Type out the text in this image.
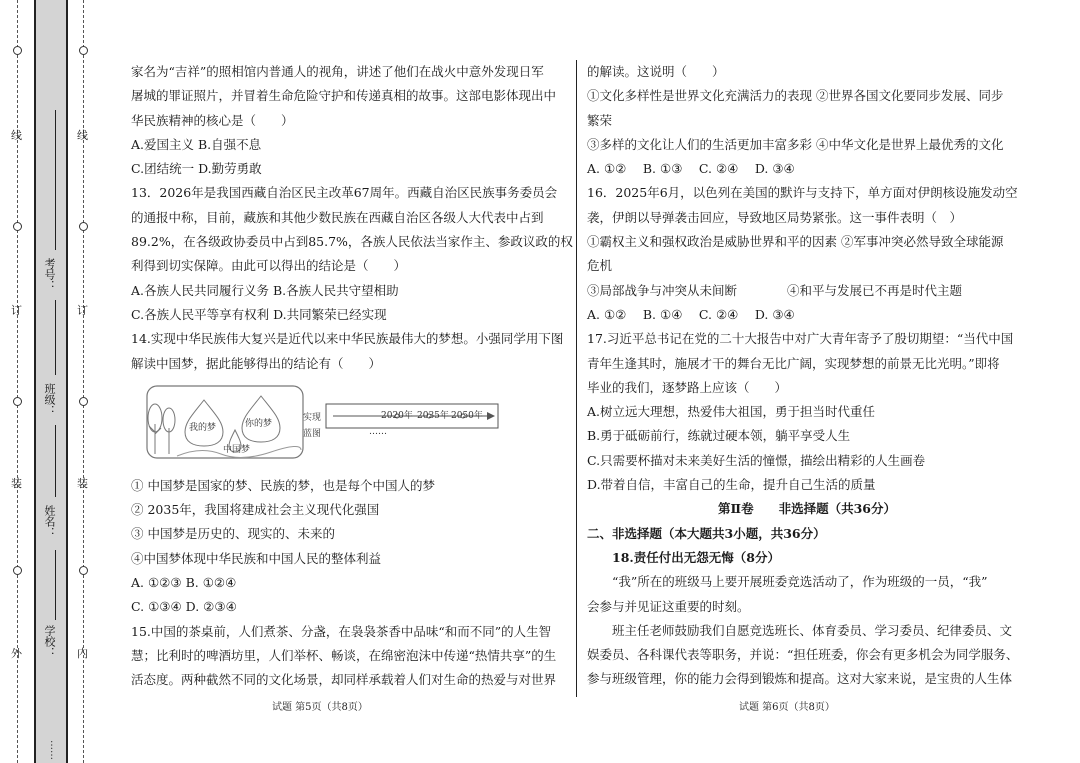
外
装
订
线
内
装
订
线
学校：
姓名：
班级：
考号：
……

家名为“吉祥”的照相馆内普通人的视角，讲述了他们在战火中意外发现日军

屠城的罪证照片，并冒着生命危险守护和传递真相的故事。这部电影体现出中

华民族精神的核心是（　　）

A.爱国主义 B.自强不息

C.团结统一 D.勤劳勇敢

13．2026年是我国西藏自治区民主改革67周年。西藏自治区民族事务委员会

的通报中称，目前，藏族和其他少数民族在西藏自治区各级人大代表中占到

89.2%，在各级政协委员中占到85.7%，各族人民依法当家作主、参政议政的权

利得到切实保障。由此可以得出的结论是（　　）

A.各族人民共同履行义务 B.各族人民共守望相助

C.各族人民平等享有权利 D.共同繁荣已经实现

14.实现中华民族伟大复兴是近代以来中华民族最伟大的梦想。小强同学用下图

解读中国梦，据此能够得出的结论有（　　）

我的梦	你的梦
中国梦
实现
蓝图
2020年 2035年 2050年
……

① 中国梦是国家的梦、民族的梦，也是每个中国人的梦

② 2035年，我国将建成社会主义现代化强国

③ 中国梦是历史的、现实的、未来的

④中国梦体现中华民族和中国人民的整体利益

A. ①②③ B. ①②④

C. ①③④ D. ②③④

15.中国的茶桌前，人们煮茶、分盏，在袅袅茶香中品味“和而不同”的人生智

慧；比利时的啤酒坊里，人们举杯、畅谈，在绵密泡沫中传递“热情共享”的生

活态度。两种截然不同的文化场景，却同样承载着人们对生命的热爱与对世界

的解读。这说明（　　）

①文化多样性是世界文化充满活力的表现 ②世界各国文化要同步发展、同步

繁荣

③多样的文化让人们的生活更加丰富多彩 ④中华文化是世界上最优秀的文化

A. ①②　 B. ①③　 C. ②④　 D. ③④

16．2025年6月，以色列在美国的默许与支持下，单方面对伊朗核设施发动空

袭，伊朗以导弹袭击回应，导致地区局势紧张。这一事件表明（　）

①霸权主义和强权政治是威胁世界和平的因素 ②军事冲突必然导致全球能源

危机

③局部战争与冲突从未间断　　　　④和平与发展已不再是时代主题

A. ①②　 B. ①④　 C. ②④　 D. ③④

17.习近平总书记在党的二十大报告中对广大青年寄予了殷切期望：“当代中国

青年生逢其时，施展才干的舞台无比广阔，实现梦想的前景无比光明。”即将

毕业的我们，逐梦路上应该（　　）

A.树立远大理想，热爱伟大祖国，勇于担当时代重任

B.勇于砥砺前行，练就过硬本领，躺平享受人生

C.只需要杯描对未来美好生活的憧憬，描绘出精彩的人生画卷

D.带着自信，丰富自己的生命，提升自己生活的质量

第Ⅱ卷　　非选择题（共36分）

二、非选择题（本大题共3小题，共36分）

18.责任付出无怨无悔（8分）

“我”所在的班级马上要开展班委竞选活动了，作为班级的一员，“我”

会参与并见证这重要的时刻。

班主任老师鼓励我们自愿竞选班长、体育委员、学习委员、纪律委员、文

娱委员、各科课代表等职务，并说：“担任班委，你会有更多机会为同学服务、

参与班级管理，你的能力会得到锻炼和提高。这对大家来说，是宝贵的人生体

试题 第5页（共8页）	试题 第6页（共8页）
